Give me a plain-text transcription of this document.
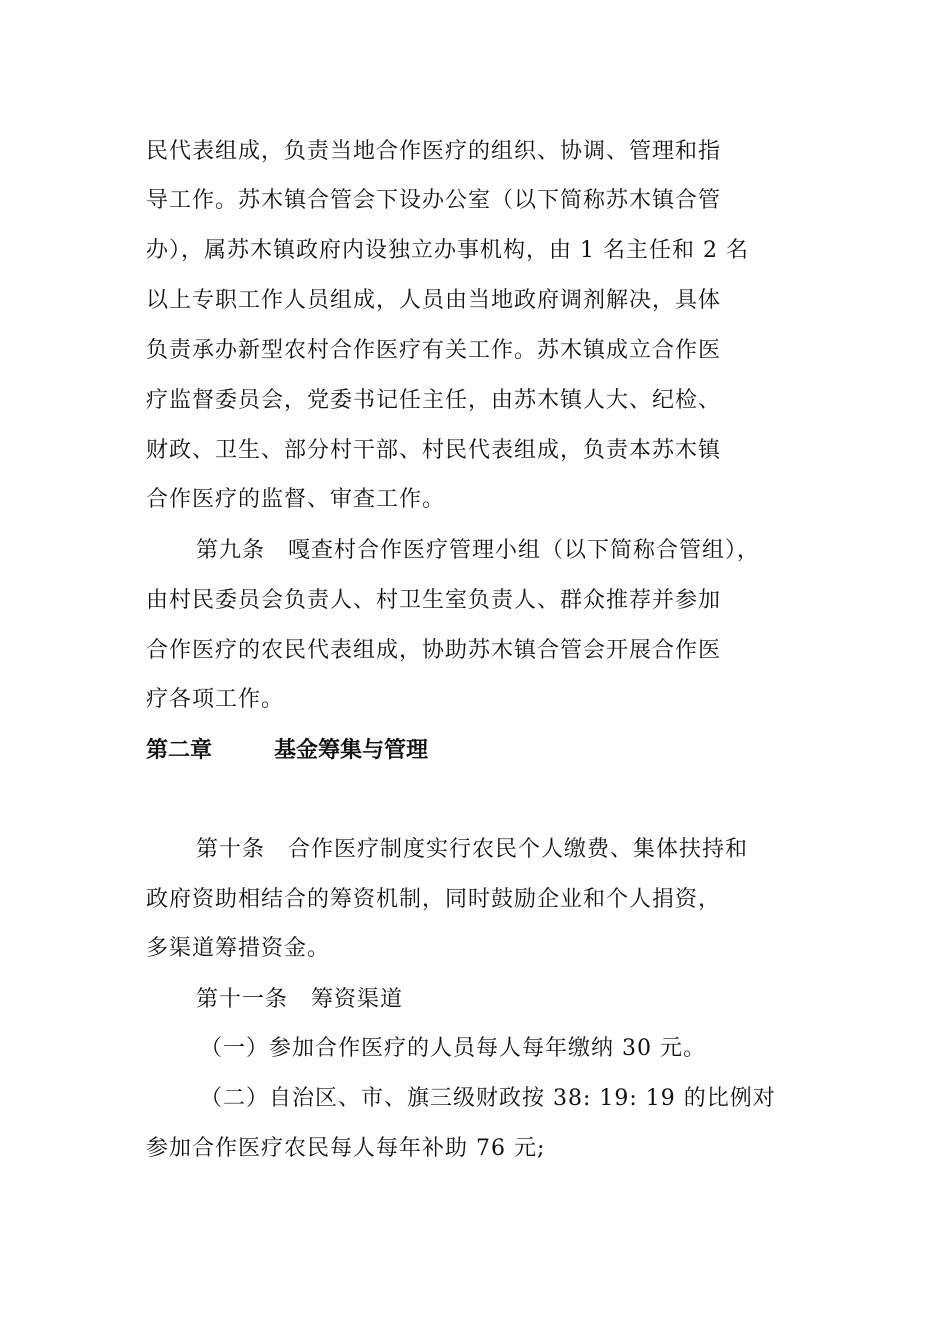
民代表组成，负责当地合作医疗的组织、协调、管理和指
导工作。苏木镇合管会下设办公室（以下简称苏木镇合管
办），属苏木镇政府内设独立办事机构，由 1 名主任和 2 名
以上专职工作人员组成，人员由当地政府调剂解决，具体
负责承办新型农村合作医疗有关工作。苏木镇成立合作医
疗监督委员会，党委书记任主任，由苏木镇人大、纪检、
财政、卫生、部分村干部、村民代表组成，负责本苏木镇
合作医疗的监督、审查工作。
第九条　嘎查村合作医疗管理小组（以下简称合管组），
由村民委员会负责人、村卫生室负责人、群众推荐并参加
合作医疗的农民代表组成，协助苏木镇合管会开展合作医
疗各项工作。
第二章	基金筹集与管理
第十条　合作医疗制度实行农民个人缴费、集体扶持和
政府资助相结合的筹资机制，同时鼓励企业和个人捐资，
多渠道筹措资金。
第十一条　筹资渠道
（一）参加合作医疗的人员每人每年缴纳 30 元。
（二）自治区、市、旗三级财政按 38: 19: 19 的比例对
参加合作医疗农民每人每年补助 76 元;
